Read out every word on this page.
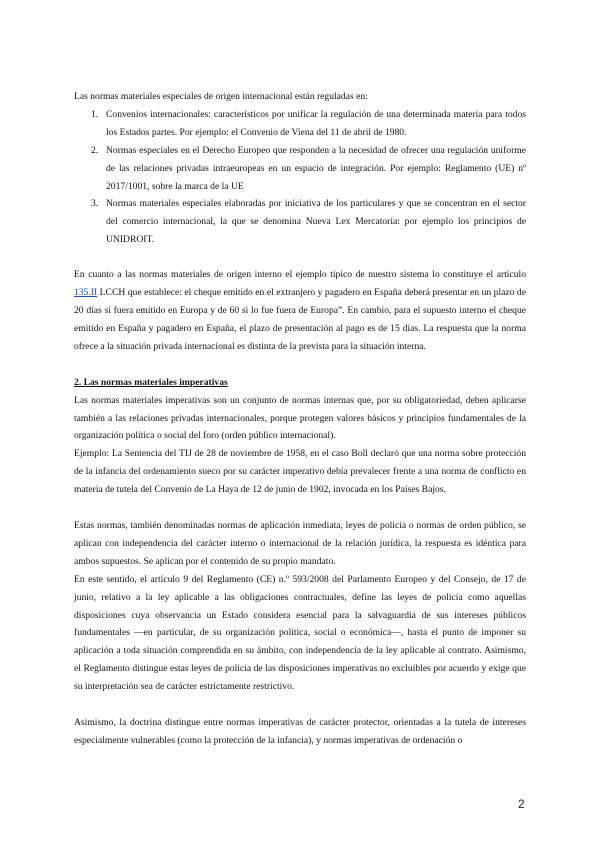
Las normas materiales especiales de origen internacional están reguladas en:

1. Convenios internacionales: característicos por unificar la regulación de una determinada materia para todos los Estados partes. Por ejemplo: el Convenio de Viena del 11 de abril de 1980.
2. Normas especiales en el Derecho Europeo que responden a la necesidad de ofrecer una regulación uniforme de las relaciones privadas intraeuropeas en un espacio de integración. Por ejemplo: Reglamento (UE) nº 2017/1001, sobre la marca de la UE
3. Normas materiales especiales elaboradas por iniciativa de los particulares y que se concentran en el sector del comercio internacional, la que se denomina Nueva Lex Mercatoria: por ejemplo los principios de UNIDROIT.

En cuanto a las normas materiales de origen interno el ejemplo típico de nuestro sistema lo constituye el artículo 135.II LCCH que establece: el cheque emitido en el extranjero y pagadero en España deberá presentar en un plazo de 20 días si fuera emitido en Europa y de 60 si lo fue fuera de Europa”. En cambio, para el supuesto interno el cheque emitido en España y pagadero en España, el plazo de presentación al pago es de 15 días. La respuesta que la norma ofrece a la situación privada internacional es distinta de la prevista para la situación interna.

2. Las normas materiales imperativas

Las normas materiales imperativas son un conjunto de normas internas que, por su obligatoriedad, deben aplicarse también a las relaciones privadas internacionales, porque protegen valores básicos y principios fundamentales de la organización política o social del foro (orden público internacional).

Ejemplo: La Sentencia del TIJ de 28 de noviembre de 1958, en el caso Boll declaró que una norma sobre protección de la infancia del ordenamiento sueco por su carácter imperativo debía prevalecer frente a una norma de conflicto en materia de tutela del Convenio de La Haya de 12 de junio de 1902, invocada en los Países Bajos.

Estas normas, también denominadas normas de aplicación inmediata, leyes de policía o normas de orden público, se aplican con independencia del carácter interno o internacional de la relación jurídica, la respuesta es idéntica para ambos supuestos. Se aplican por el contenido de su propio mandato.

En este sentido, el artículo 9 del Reglamento (CE) n.º 593/2008 del Parlamento Europeo y del Consejo, de 17 de junio, relativo a la ley aplicable a las obligaciones contractuales, define las leyes de policía como aquellas disposiciones cuya observancia un Estado considera esencial para la salvaguardia de sus intereses públicos fundamentales —en particular, de su organización política, social o económica—, hasta el punto de imponer su aplicación a toda situación comprendida en su ámbito, con independencia de la ley aplicable al contrato. Asimismo, el Reglamento distingue estas leyes de policía de las disposiciones imperativas no excluibles por acuerdo y exige que su interpretación sea de carácter estrictamente restrictivo.

Asimismo, la doctrina distingue entre normas imperativas de carácter protector, orientadas a la tutela de intereses especialmente vulnerables (como la protección de la infancia), y normas imperativas de ordenación o

2
